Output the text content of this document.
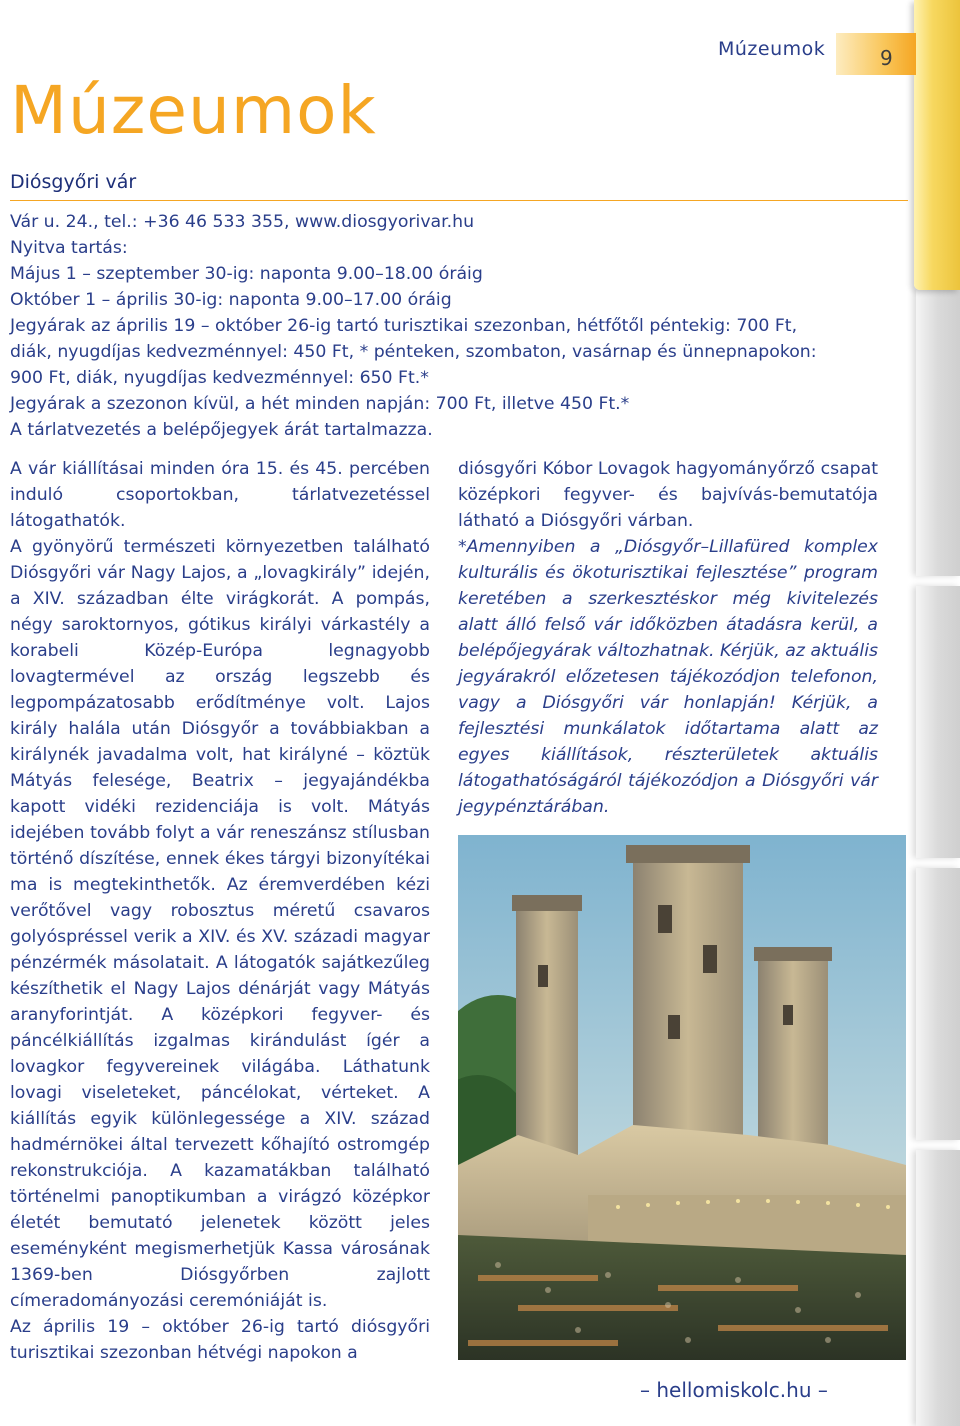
Múzeumok	9
Múzeumok
Diósgyőri vár

Vár u. 24., tel.: +36 46 533 355, www.diosgyorivar.hu

Nyitva tartás:

Május 1 – szeptember 30-ig: naponta 9.00–18.00 óráig

Október 1 – április 30-ig: naponta 9.00–17.00 óráig

Jegyárak az április 19 – október 26-ig tartó turisztikai szezonban, hétfőtől péntekig: 700 Ft,

diák, nyugdíjas kedvezménnyel: 450 Ft, * pénteken, szombaton, vasárnap és ünnepnapokon:

900 Ft, diák, nyugdíjas kedvezménnyel: 650 Ft.*

Jegyárak a szezonon kívül, a hét minden napján: 700 Ft, illetve 450 Ft.*

A tárlatvezetés a belépőjegyek árát tartalmazza.

A vár kiállításai minden óra 15. és 45. percében induló csoportokban, tárlatvezetéssel látogathatók.

A gyönyörű természeti környezetben található Diósgyőri vár Nagy Lajos, a „lovagkirály” idején, a XIV. században élte virágkorát. A pompás, négy saroktornyos, gótikus királyi várkastély a korabeli Közép-Európa legnagyobb lovagtermével az ország legszebb és legpompázatosabb erődítménye volt. Lajos király halála után Diósgyőr a továbbiakban a királynék javadalma volt, hat királyné – köztük Mátyás felesége, Beatrix – jegyajándékba kapott vidéki rezidenciája is volt. Mátyás idejében tovább folyt a vár reneszánsz stílusban történő díszítése, ennek ékes tárgyi bizonyítékai ma is megtekinthetők. Az éremverdében kézi verőtővel vagy robosztus méretű csavaros golyóspréssel verik a XIV. és XV. századi magyar pénzérmék másolatait. A látogatók sajátkezűleg készíthetik el Nagy Lajos dénárját vagy Mátyás aranyforintját. A középkori fegyver- és páncélkiállítás izgalmas kirándulást ígér a lovagkor fegyvereinek világába. Láthatunk lovagi viseleteket, páncélokat, vérteket. A kiállítás egyik különlegessége a XIV. század hadmérnökei által tervezett kőhajító ostromgép rekonstrukciója. A kazamatákban található történelmi panoptikumban a virágzó középkor életét bemutató jelenetek között jeles eseményként megismerhetjük Kassa városának 1369-ben Diósgyőrben zajlott címeradományozási ceremóniáját is.

Az április 19 – október 26-ig tartó diósgyőri turisztikai szezonban hétvégi napokon a

diósgyőri Kóbor Lovagok hagyományőrző csapat középkori fegyver- és bajvívás-bemutatója látható a Diósgyőri várban.

*Amennyiben a „Diósgyőr–Lillafüred komplex kulturális és ökoturisztikai fejlesztése” program keretében a szerkesztéskor még kivitelezés alatt álló felső vár időközben átadásra kerül, a belépőjegyárak változhatnak. Kérjük, az aktuális jegyárakról előzetesen tájékozódjon telefonon, vagy a Diósgyőri vár honlapján! Kérjük, a fejlesztési munkálatok időtartama alatt az egyes kiállítások, részterületek aktuális látogathatóságáról tájékozódjon a Diósgyőri vár jegypénztárában.

– hellomiskolc.hu –
